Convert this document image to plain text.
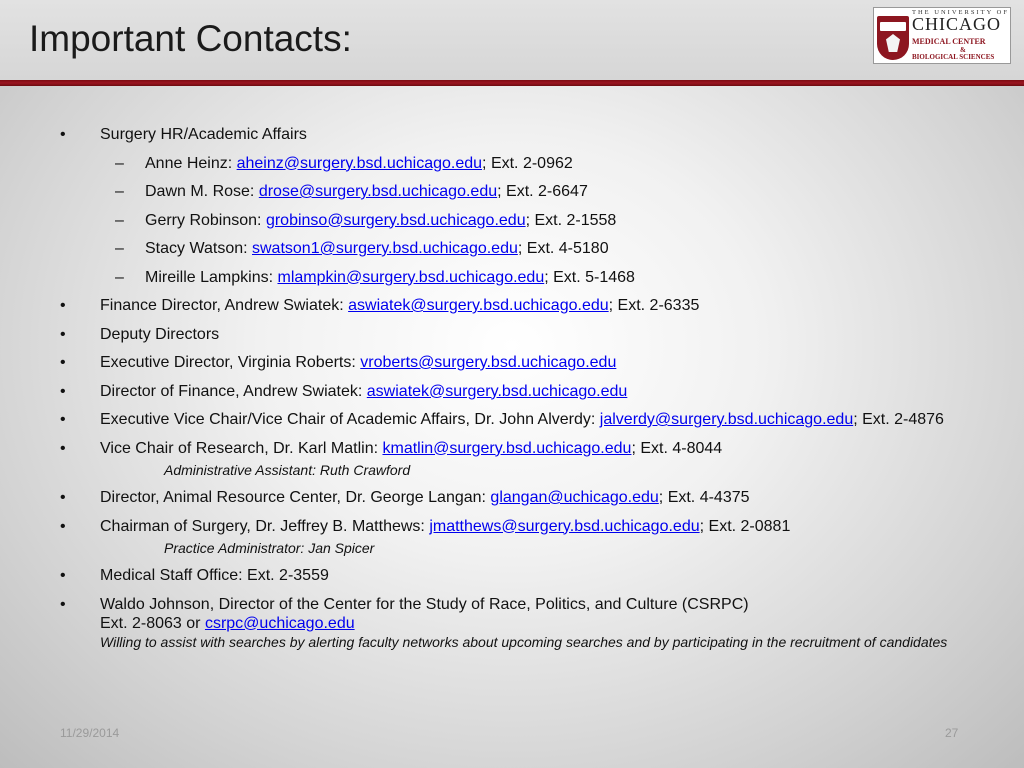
Important Contacts:
THE UNIVERSITY OF
CHICAGO
MEDICAL CENTER
&
BIOLOGICAL SCIENCES
• Surgery HR/Academic Affairs
– Anne Heinz: aheinz@surgery.bsd.uchicago.edu; Ext. 2-0962
– Dawn M. Rose: drose@surgery.bsd.uchicago.edu; Ext. 2-6647
– Gerry Robinson: grobinso@surgery.bsd.uchicago.edu; Ext. 2-1558
– Stacy Watson: swatson1@surgery.bsd.uchicago.edu; Ext. 4-5180
– Mireille Lampkins: mlampkin@surgery.bsd.uchicago.edu; Ext. 5-1468
• Finance Director, Andrew Swiatek: aswiatek@surgery.bsd.uchicago.edu; Ext. 2-6335
• Deputy Directors
• Executive Director, Virginia Roberts: vroberts@surgery.bsd.uchicago.edu
• Director of Finance, Andrew Swiatek: aswiatek@surgery.bsd.uchicago.edu
• Executive Vice Chair/Vice Chair of Academic Affairs, Dr. John Alverdy: jalverdy@surgery.bsd.uchicago.edu; Ext. 2-4876
• Vice Chair of Research, Dr. Karl Matlin: kmatlin@surgery.bsd.uchicago.edu; Ext. 4-8044
Administrative Assistant: Ruth Crawford
• Director, Animal Resource Center, Dr. George Langan: glangan@uchicago.edu; Ext. 4-4375
• Chairman of Surgery, Dr. Jeffrey B. Matthews: jmatthews@surgery.bsd.uchicago.edu; Ext. 2-0881
Practice Administrator: Jan Spicer
• Medical Staff Office: Ext. 2-3559
• Waldo Johnson, Director of the Center for the Study of Race, Politics, and Culture (CSRPC)
Ext. 2-8063 or csrpc@uchicago.edu
Willing to assist with searches by alerting faculty networks about upcoming searches and by participating in the recruitment of candidates
11/29/2014	27
